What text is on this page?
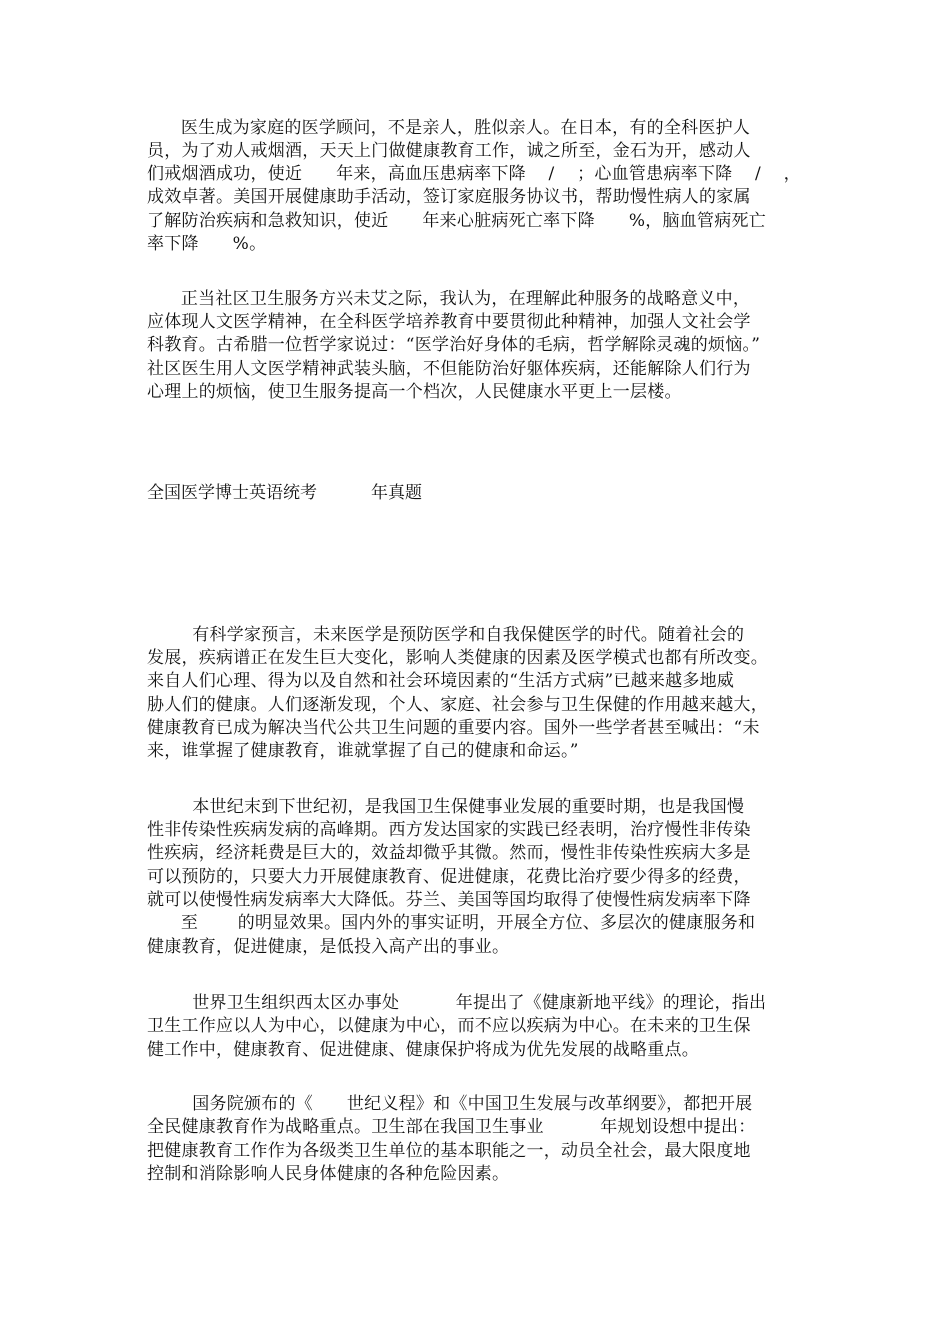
医生成为家庭的医学顾问，不是亲人，胜似亲人。在日本，有的全科医护人
员，为了劝人戒烟酒，天天上门做健康教育工作，诚之所至，金石为开，感动人
们戒烟酒成功，使近      年来，高血压患病率下降    /    ；心血管患病率下降    /    ，
成效卓著。美国开展健康助手活动，签订家庭服务协议书，帮助慢性病人的家属
了解防治疾病和急救知识，使近      年来心脏病死亡率下降      %，脑血管病死亡
率下降      %。
正当社区卫生服务方兴未艾之际，我认为，在理解此种服务的战略意义中，
应体现人文医学精神，在全科医学培养教育中要贯彻此种精神，加强人文社会学
科教育。古希腊一位哲学家说过：“医学治好身体的毛病，哲学解除灵魂的烦恼。”
社区医生用人文医学精神武装头脑，不但能防治好躯体疾病，还能解除人们行为
心理上的烦恼，使卫生服务提高一个档次，人民健康水平更上一层楼。
全国医学博士英语统考          年真题
有科学家预言，未来医学是预防医学和自我保健医学的时代。随着社会的
发展，疾病谱正在发生巨大变化，影响人类健康的因素及医学模式也都有所改变。
来自人们心理、得为以及自然和社会环境因素的“生活方式病”已越来越多地威
胁人们的健康。人们逐渐发现，个人、家庭、社会参与卫生保健的作用越来越大，
健康教育已成为解决当代公共卫生问题的重要内容。国外一些学者甚至喊出：“未
来，谁掌握了健康教育，谁就掌握了自己的健康和命运。”
本世纪末到下世纪初，是我国卫生保健事业发展的重要时期，也是我国慢
性非传染性疾病发病的高峰期。西方发达国家的实践已经表明，治疗慢性非传染
性疾病，经济耗费是巨大的，效益却微乎其微。然而，慢性非传染性疾病大多是
可以预防的，只要大力开展健康教育、促进健康，花费比治疗要少得多的经费，
就可以使慢性病发病率大大降低。芬兰、美国等国均取得了使慢性病发病率下降
至       的明显效果。国内外的事实证明，开展全方位、多层次的健康服务和
健康教育，促进健康，是低投入高产出的事业。
世界卫生组织西太区办事处          年提出了《健康新地平线》的理论，指出
卫生工作应以人为中心，以健康为中心，而不应以疾病为中心。在未来的卫生保
健工作中，健康教育、促进健康、健康保护将成为优先发展的战略重点。
国务院颁布的《      世纪义程》和《中国卫生发展与改革纲要》，都把开展
全民健康教育作为战略重点。卫生部在我国卫生事业          年规划设想中提出：
把健康教育工作作为各级类卫生单位的基本职能之一，动员全社会，最大限度地
控制和消除影响人民身体健康的各种危险因素。
